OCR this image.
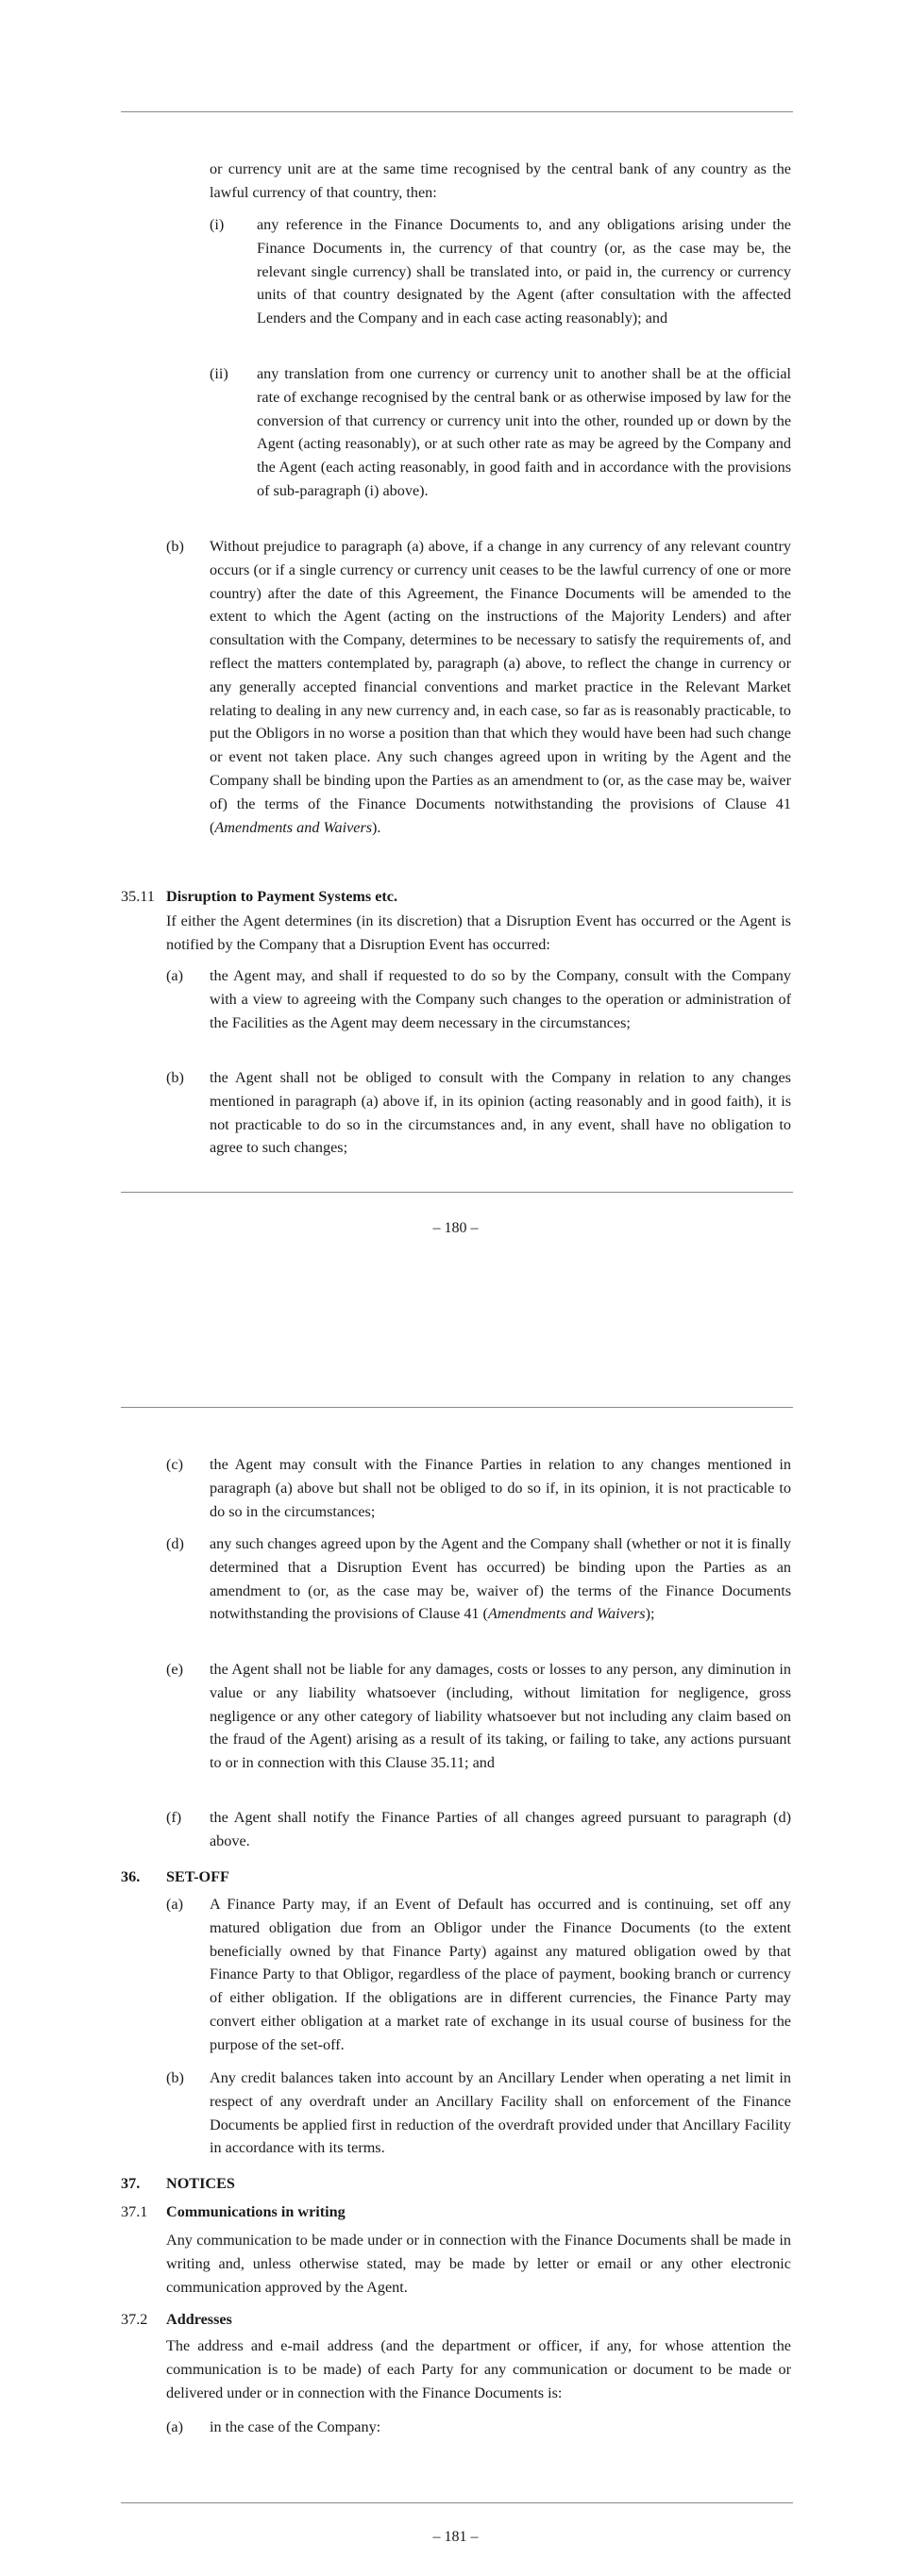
or currency unit are at the same time recognised by the central bank of any country as the lawful currency of that country, then:
(i) any reference in the Finance Documents to, and any obligations arising under the Finance Documents in, the currency of that country (or, as the case may be, the relevant single currency) shall be translated into, or paid in, the currency or currency units of that country designated by the Agent (after consultation with the affected Lenders and the Company and in each case acting reasonably); and
(ii) any translation from one currency or currency unit to another shall be at the official rate of exchange recognised by the central bank or as otherwise imposed by law for the conversion of that currency or currency unit into the other, rounded up or down by the Agent (acting reasonably), or at such other rate as may be agreed by the Company and the Agent (each acting reasonably, in good faith and in accordance with the provisions of sub-paragraph (i) above).
(b) Without prejudice to paragraph (a) above, if a change in any currency of any relevant country occurs (or if a single currency or currency unit ceases to be the lawful currency of one or more country) after the date of this Agreement, the Finance Documents will be amended to the extent to which the Agent (acting on the instructions of the Majority Lenders) and after consultation with the Company, determines to be necessary to satisfy the requirements of, and reflect the matters contemplated by, paragraph (a) above, to reflect the change in currency or any generally accepted financial conventions and market practice in the Relevant Market relating to dealing in any new currency and, in each case, so far as is reasonably practicable, to put the Obligors in no worse a position than that which they would have been had such change or event not taken place. Any such changes agreed upon in writing by the Agent and the Company shall be binding upon the Parties as an amendment to (or, as the case may be, waiver of) the terms of the Finance Documents notwithstanding the provisions of Clause 41 (Amendments and Waivers).
35.11 Disruption to Payment Systems etc.
If either the Agent determines (in its discretion) that a Disruption Event has occurred or the Agent is notified by the Company that a Disruption Event has occurred:
(a) the Agent may, and shall if requested to do so by the Company, consult with the Company with a view to agreeing with the Company such changes to the operation or administration of the Facilities as the Agent may deem necessary in the circumstances;
(b) the Agent shall not be obliged to consult with the Company in relation to any changes mentioned in paragraph (a) above if, in its opinion (acting reasonably and in good faith), it is not practicable to do so in the circumstances and, in any event, shall have no obligation to agree to such changes;
– 180 –
(c) the Agent may consult with the Finance Parties in relation to any changes mentioned in paragraph (a) above but shall not be obliged to do so if, in its opinion, it is not practicable to do so in the circumstances;
(d) any such changes agreed upon by the Agent and the Company shall (whether or not it is finally determined that a Disruption Event has occurred) be binding upon the Parties as an amendment to (or, as the case may be, waiver of) the terms of the Finance Documents notwithstanding the provisions of Clause 41 (Amendments and Waivers);
(e) the Agent shall not be liable for any damages, costs or losses to any person, any diminution in value or any liability whatsoever (including, without limitation for negligence, gross negligence or any other category of liability whatsoever but not including any claim based on the fraud of the Agent) arising as a result of its taking, or failing to take, any actions pursuant to or in connection with this Clause 35.11; and
(f) the Agent shall notify the Finance Parties of all changes agreed pursuant to paragraph (d) above.
36. SET-OFF
(a) A Finance Party may, if an Event of Default has occurred and is continuing, set off any matured obligation due from an Obligor under the Finance Documents (to the extent beneficially owned by that Finance Party) against any matured obligation owed by that Finance Party to that Obligor, regardless of the place of payment, booking branch or currency of either obligation. If the obligations are in different currencies, the Finance Party may convert either obligation at a market rate of exchange in its usual course of business for the purpose of the set-off.
(b) Any credit balances taken into account by an Ancillary Lender when operating a net limit in respect of any overdraft under an Ancillary Facility shall on enforcement of the Finance Documents be applied first in reduction of the overdraft provided under that Ancillary Facility in accordance with its terms.
37. NOTICES
37.1 Communications in writing
Any communication to be made under or in connection with the Finance Documents shall be made in writing and, unless otherwise stated, may be made by letter or email or any other electronic communication approved by the Agent.
37.2 Addresses
The address and e-mail address (and the department or officer, if any, for whose attention the communication is to be made) of each Party for any communication or document to be made or delivered under or in connection with the Finance Documents is:
(a) in the case of the Company:
– 181 –
